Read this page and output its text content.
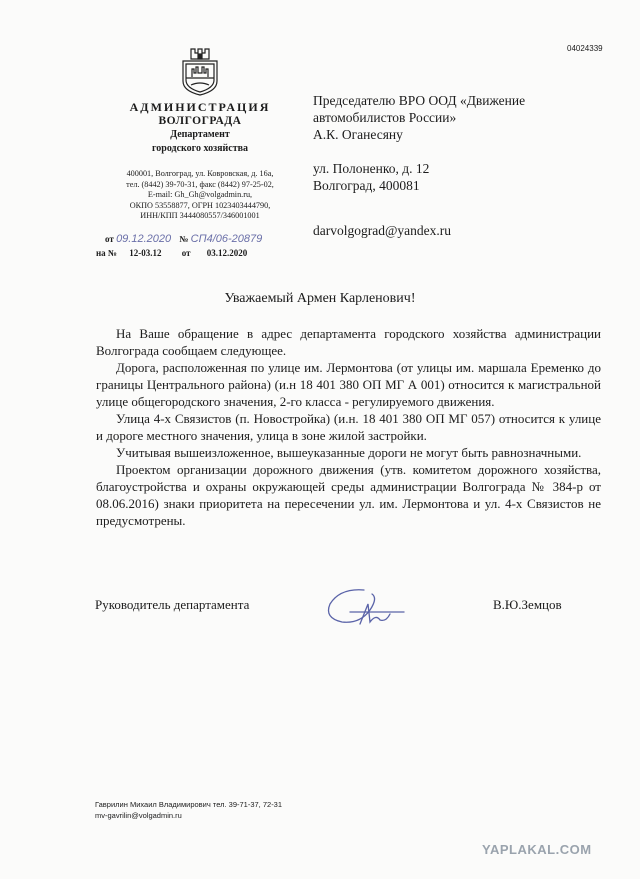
04024339
АДМИНИСТРАЦИЯ
ВОЛГОГРАДА
Департамент
городского хозяйства
400001, Волгоград, ул. Ковровская, д. 16а,
тел. (8442) 39-70-31, факс (8442) 97-25-02,
E-mail: Gh_Gh@volgadmin.ru,
ОКПО 53558877, ОГРН 1023403444790,
ИНН/КПП 3444080557/346001001
от 09.12.2020 № СП4/06-20879
на № 12-03.12 от 03.12.2020
Председателю ВРО ООД «Движение
автомобилистов России»
А.К. Оганесяну
ул. Полоненко, д. 12
Волгоград, 400081
darvolgograd@yandex.ru
Уважаемый Армен Карленович!

На Ваше обращение в адрес департамента городского хозяйства администрации Волгограда сообщаем следующее.

Дорога, расположенная по улице им. Лермонтова (от улицы им. маршала Еременко до границы Центрального района) (и.н 18 401 380 ОП МГ А 001) относится к магистральной улице общегородского значения, 2-го класса - регулируемого движения.

Улица 4-х Связистов (п. Новостройка) (и.н. 18 401 380 ОП МГ 057) относится к улице и дороге местного значения, улица в зоне жилой застройки.

Учитывая вышеизложенное, вышеуказанные дороги не могут быть равнозначными.

Проектом организации дорожного движения (утв. комитетом дорожного хозяйства, благоустройства и охраны окружающей среды администрации Волгограда № 384-р от 08.06.2016) знаки приоритета на пересечении ул. им. Лермонтова и ул. 4-х Связистов не предусмотрены.

Руководитель департамента	В.Ю.Земцов
Гаврилин Михаил Владимирович тел. 39-71-37, 72-31
mv-gavrilin@volgadmin.ru
YAPLAKAL.COM
